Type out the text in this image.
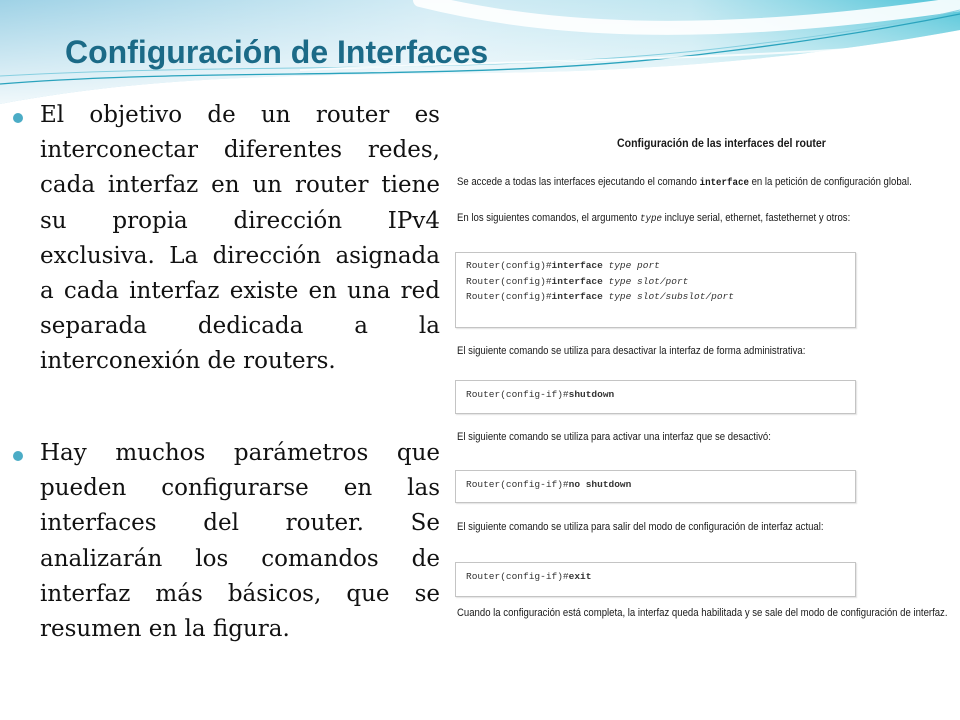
Configuración de Interfaces
El objetivo de un router es
interconectar diferentes redes,
cada interfaz en un router tiene
su propia dirección IPv4
exclusiva. La dirección asignada
a cada interfaz existe en una red
separada dedicada a la
interconexión de routers.
Hay muchos parámetros que
pueden configurarse en las
interfaces del router. Se
analizarán los comandos de
interfaz más básicos, que se
resumen en la figura.
Configuración de las interfaces del router
Se accede a todas las interfaces ejecutando el comando interface en la petición de configuración global.
En los siguientes comandos, el argumento type incluye serial, ethernet, fastethernet y otros:
Router(config)#interface type port
Router(config)#interface type slot/port
Router(config)#interface type slot/subslot/port
El siguiente comando se utiliza para desactivar la interfaz de forma administrativa:
Router(config-if)#shutdown
El siguiente comando se utiliza para activar una interfaz que se desactivó:
Router(config-if)#no shutdown
El siguiente comando se utiliza para salir del modo de configuración de interfaz actual:
Router(config-if)#exit
Cuando la configuración está completa, la interfaz queda habilitada y se sale del modo de configuración de interfaz.
